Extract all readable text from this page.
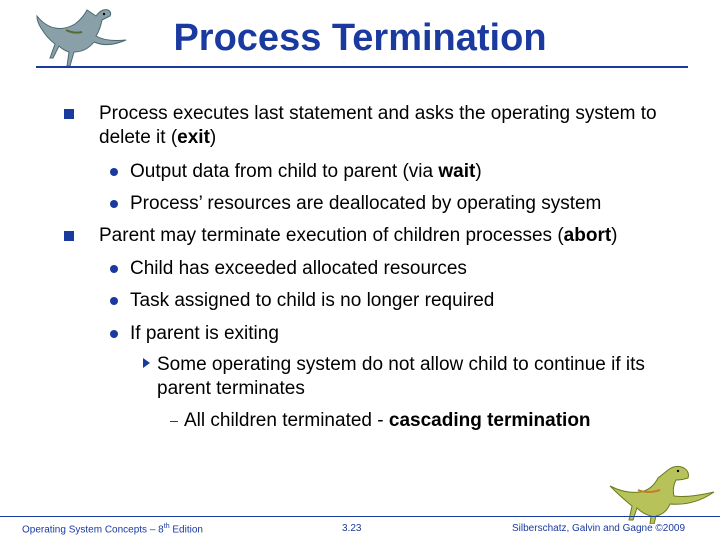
Process Termination
Process executes last statement and asks the operating system to delete it (exit)
Output data from child to parent (via wait)
Process’ resources are deallocated by operating system
Parent may terminate execution of children processes (abort)
Child has exceeded allocated resources
Task assigned to child is no longer required
If parent is exiting
Some operating system do not allow child to continue if its parent terminates
All children terminated - cascading termination
Operating System Concepts – 8th Edition	3.23	Silberschatz, Galvin and Gagne ©2009
